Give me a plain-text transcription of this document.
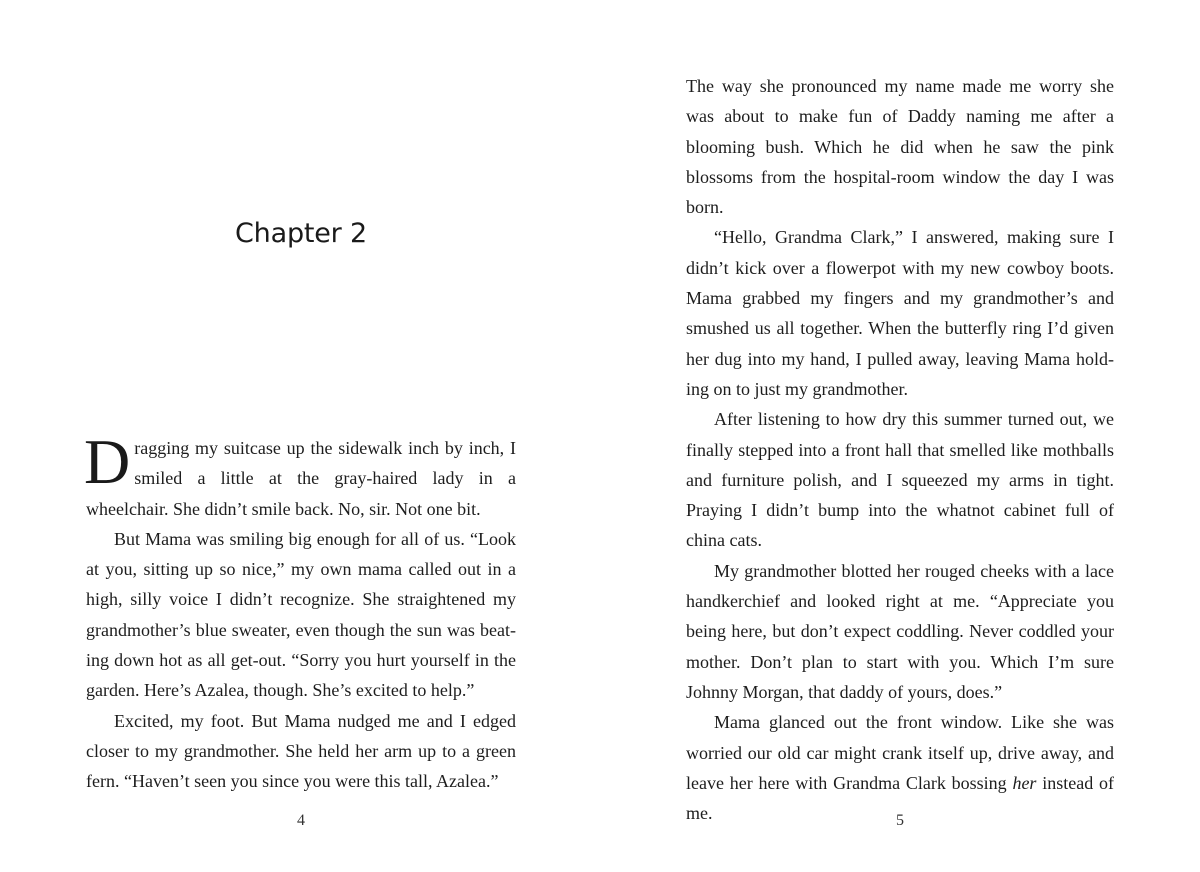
Chapter 2

Dragging my suitcase up the sidewalk inch by inch, I smiled a little at the gray-haired lady in a wheelchair. She didn’t smile back. No, sir. Not one bit.

But Mama was smiling big enough for all of us. “Look at you, sitting up so nice,” my own mama called out in a high, silly voice I didn’t recognize. She straightened my grandmother’s blue sweater, even though the sun was beating down hot as all get-out. “Sorry you hurt yourself in the garden. Here’s Azalea, though. She’s excited to help.”

Excited, my foot. But Mama nudged me and I edged closer to my grandmother. She held her arm up to a green fern. “Haven’t seen you since you were this tall, Azalea.”

4

The way she pronounced my name made me worry she was about to make fun of Daddy naming me after a blooming bush. Which he did when he saw the pink blossoms from the hospital-room window the day I was born.

“Hello, Grandma Clark,” I answered, making sure I didn’t kick over a flowerpot with my new cowboy boots. Mama grabbed my fingers and my grandmother’s and smushed us all together. When the butterfly ring I’d given her dug into my hand, I pulled away, leaving Mama holding on to just my grandmother.

After listening to how dry this summer turned out, we finally stepped into a front hall that smelled like mothballs and furniture polish, and I squeezed my arms in tight. Praying I didn’t bump into the whatnot cabinet full of china cats.

My grandmother blotted her rouged cheeks with a lace handkerchief and looked right at me. “Appreciate you being here, but don’t expect coddling. Never coddled your mother. Don’t plan to start with you. Which I’m sure Johnny Morgan, that daddy of yours, does.”

Mama glanced out the front window. Like she was worried our old car might crank itself up, drive away, and leave her here with Grandma Clark bossing her instead of me.	5
